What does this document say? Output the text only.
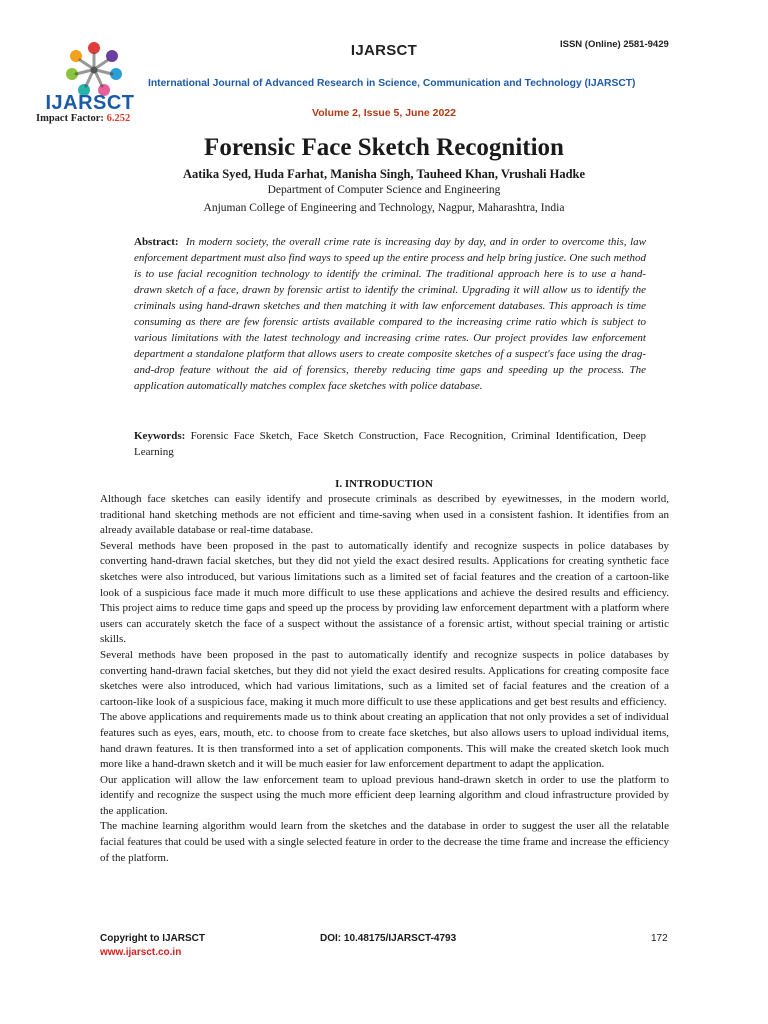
IJARSCT
Impact Factor: 6.252
IJARSCT	ISSN (Online) 2581-9429
International Journal of Advanced Research in Science, Communication and Technology (IJARSCT)
Volume 2, Issue 5, June 2022
Forensic Face Sketch Recognition
Aatika Syed, Huda Farhat, Manisha Singh, Tauheed Khan, Vrushali Hadke
Department of Computer Science and Engineering
Anjuman College of Engineering and Technology, Nagpur, Maharashtra, India
Abstract: In modern society, the overall crime rate is increasing day by day, and in order to overcome this, law enforcement department must also find ways to speed up the entire process and help bring justice. One such method is to use facial recognition technology to identify the criminal. The traditional approach here is to use a hand-drawn sketch of a face, drawn by forensic artist to identify the criminal. Upgrading it will allow us to identify the criminals using hand-drawn sketches and then matching it with law enforcement databases. This approach is time consuming as there are few forensic artists available compared to the increasing crime ratio which is subject to various limitations with the latest technology and increasing crime rates. Our project provides law enforcement department a standalone platform that allows users to create composite sketches of a suspect's face using the drag-and-drop feature without the aid of forensics, thereby reducing time gaps and speeding up the process. The application automatically matches complex face sketches with police database.
Keywords: Forensic Face Sketch, Face Sketch Construction, Face Recognition, Criminal Identification, Deep Learning
I. INTRODUCTION

Although face sketches can easily identify and prosecute criminals as described by eyewitnesses, in the modern world, traditional hand sketching methods are not efficient and time-saving when used in a consistent fashion. It identifies from an already available database or real-time database.

Several methods have been proposed in the past to automatically identify and recognize suspects in police databases by converting hand-drawn facial sketches, but they did not yield the exact desired results. Applications for creating synthetic face sketches were also introduced, but various limitations such as a limited set of facial features and the creation of a cartoon-like look of a suspicious face made it much more difficult to use these applications and achieve the desired results and efficiency. This project aims to reduce time gaps and speed up the process by providing law enforcement department with a platform where users can accurately sketch the face of a suspect without the assistance of a forensic artist, without special training or artistic skills.

Several methods have been proposed in the past to automatically identify and recognize suspects in police databases by converting hand-drawn facial sketches, but they did not yield the exact desired results. Applications for creating composite face sketches were also introduced, which had various limitations, such as a limited set of facial features and the creation of a cartoon-like look of a suspicious face, making it much more difficult to use these applications and get best results and efficiency.

The above applications and requirements made us to think about creating an application that not only provides a set of individual features such as eyes, ears, mouth, etc. to choose from to create face sketches, but also allows users to upload individual items, hand drawn features. It is then transformed into a set of application components. This will make the created sketch look much more like a hand-drawn sketch and it will be much easier for law enforcement department to adapt the application.

Our application will allow the law enforcement team to upload previous hand-drawn sketch in order to use the platform to identify and recognize the suspect using the much more efficient deep learning algorithm and cloud infrastructure provided by the application.

The machine learning algorithm would learn from the sketches and the database in order to suggest the user all the relatable facial features that could be used with a single selected feature in order to the decrease the time frame and increase the efficiency of the platform.

Copyright to IJARSCT
www.ijarsct.co.in
DOI: 10.48175/IJARSCT-4793	172
